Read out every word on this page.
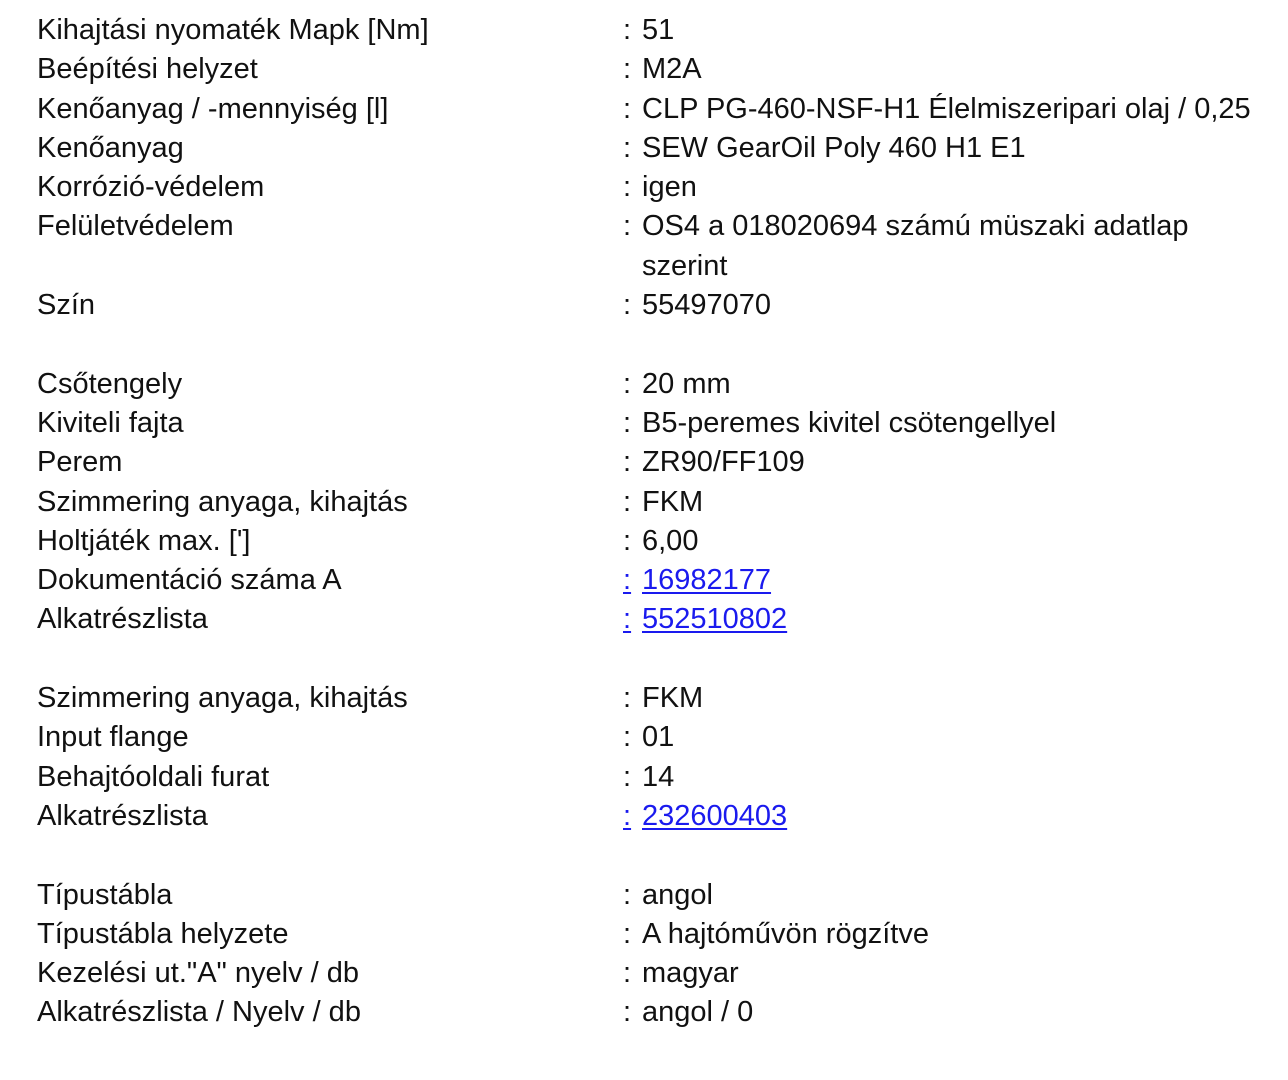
Kihajtási nyomaték Mapk [Nm]	: 51
Beépítési helyzet	: M2A
Kenőanyag / -mennyiség [l]	: CLP PG-460-NSF-H1 Élelmiszeripari olaj / 0,25
Kenőanyag	: SEW GearOil Poly 460 H1 E1
Korrózió-védelem	: igen
Felületvédelem	: OS4 a 018020694 számú müszaki adatlap szerint
Szín	: 55497070
Csőtengely	: 20 mm
Kiviteli fajta	: B5-peremes kivitel csötengellyel
Perem	: ZR90/FF109
Szimmering anyaga, kihajtás	: FKM
Holtjáték max. [']	: 6,00
Dokumentáció száma A	: 16982177
Alkatrészlista	: 552510802
Szimmering anyaga, kihajtás	: FKM
Input flange	: 01
Behajtóoldali furat	: 14
Alkatrészlista	: 232600403
Típustábla	: angol
Típustábla helyzete	: A hajtóművön rögzítve
Kezelési ut."A" nyelv / db	: magyar
Alkatrészlista / Nyelv / db	: angol / 0
